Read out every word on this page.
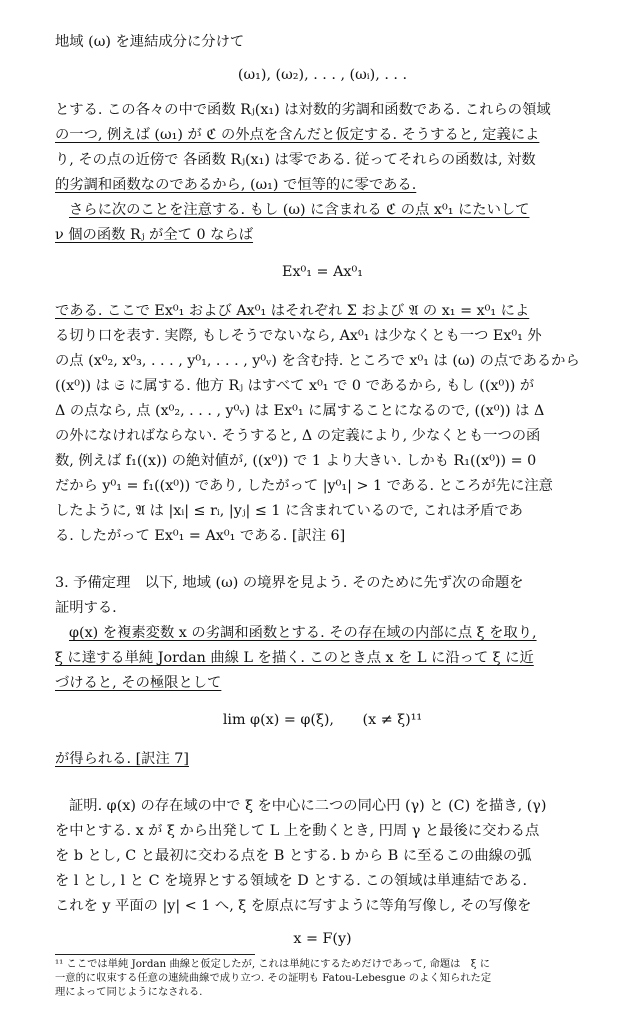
地域 (ω) を連結成分に分けて

(ω₁), (ω₂), . . . , (ωᵢ), . . .

とする. この各々の中で函数 Rⱼ(x₁) は対数的劣調和函数である. これらの領域
の一つ, 例えば (ω₁) が ℭ の外点を含んだと仮定する. そうすると, 定義によ
り, その点の近傍で 各函数 Rⱼ(x₁) は零である. 従ってそれらの函数は, 対数
的劣調和函数なのであるから, (ω₁) で恒等的に零である.

さらに次のことを注意する. もし (ω) に含まれる ℭ の点 x⁰₁ にたいして
ν 個の函数 Rⱼ が全て 0 ならば

Ex⁰₁ = Ax⁰₁

である. ここで Ex⁰₁ および Ax⁰₁ はそれぞれ Σ および 𝔄 の x₁ = x⁰₁ によ
る切り口を表す. 実際, もしそうでないなら, Ax⁰₁ は少なくとも一つ Ex⁰₁ 外
の点 (x⁰₂, x⁰₃, . . . , y⁰₁, . . . , y⁰ᵥ) を含む持. ところで x⁰₁ は (ω) の点であるから
((x⁰)) は 𝔖 に属する. 他方 Rⱼ はすべて x⁰₁ で 0 であるから, もし ((x⁰)) が
Δ の点なら, 点 (x⁰₂, . . . , y⁰ᵥ) は Ex⁰₁ に属することになるので, ((x⁰)) は Δ
の外になければならない. そうすると, Δ の定義により, 少なくとも一つの函
数, 例えば f₁((x)) の絶対値が, ((x⁰)) で 1 より大きい. しかも R₁((x⁰)) = 0
だから y⁰₁ = f₁((x⁰)) であり, したがって |y⁰₁| > 1 である. ところが先に注意
したように, 𝔄 は |xᵢ| ≤ rᵢ, |yⱼ| ≤ 1 に含まれているので, これは矛盾であ
る. したがって Ex⁰₁ = Ax⁰₁ である. [訳注 6]

3. 予備定理　以下, 地域 (ω) の境界を見よう. そのために先ず次の命題を
証明する.

φ(x) を複素変数 x の劣調和函数とする. その存在域の内部に点 ξ を取り,
ξ に達する単純 Jordan 曲線 L を描く. このとき点 x を L に沿って ξ に近
づけると, その極限として

lim φ(x) = φ(ξ),　　(x ≠ ξ)¹¹

が得られる. [訳注 7]

証明. φ(x) の存在域の中で ξ を中心に二つの同心円 (γ) と (C) を描き, (γ)
を中とする. x が ξ から出発して L 上を動くとき, 円周 γ と最後に交わる点
を b とし, C と最初に交わる点を B とする. b から B に至るこの曲線の弧
を l とし, l と C を境界とする領域を D とする. この領域は単連結である.
これを y 平面の |y| < 1 へ, ξ を原点に写すように等角写像し, その写像を

x = F(y)

¹¹ ここでは単純 Jordan 曲線と仮定したが, これは単純にするためだけであって, 命題は　ξ に

一意的に収束する任意の連続曲線で成り立つ. その証明も Fatou-Lebesgue のよく知られた定

理によって同じようになされる.
